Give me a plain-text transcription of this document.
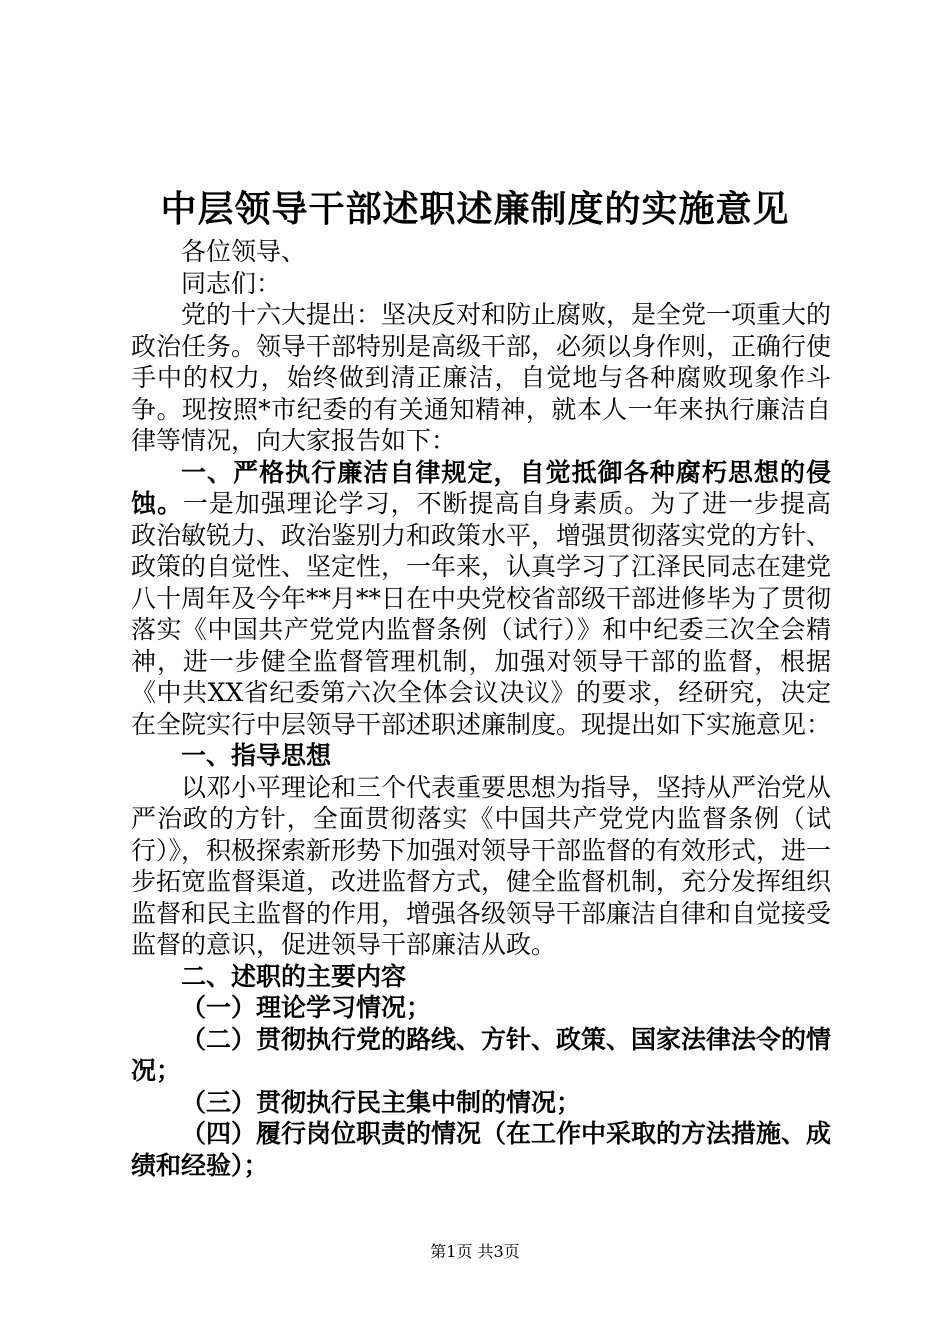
中层领导干部述职述廉制度的实施意见

各位领导、

同志们：

党的十六大提出：坚决反对和防止腐败，是全党一项重大的政治任务。领导干部特别是高级干部，必须以身作则，正确行使手中的权力，始终做到清正廉洁，自觉地与各种腐败现象作斗争。现按照*市纪委的有关通知精神，就本人一年来执行廉洁自律等情况，向大家报告如下：

一、严格执行廉洁自律规定，自觉抵御各种腐朽思想的侵蚀。一是加强理论学习，不断提高自身素质。为了进一步提高政治敏锐力、政治鉴别力和政策水平，增强贯彻落实党的方针、政策的自觉性、坚定性，一年来，认真学习了江泽民同志在建党八十周年及今年**月**日在中央党校省部级干部进修毕为了贯彻落实《中国共产党党内监督条例（试行）》和中纪委三次全会精神，进一步健全监督管理机制，加强对领导干部的监督，根据《中共XX省纪委第六次全体会议决议》的要求，经研究，决定在全院实行中层领导干部述职述廉制度。现提出如下实施意见：

一、指导思想

以邓小平理论和三个代表重要思想为指导，坚持从严治党从严治政的方针，全面贯彻落实《中国共产党党内监督条例（试行）》，积极探索新形势下加强对领导干部监督的有效形式，进一步拓宽监督渠道，改进监督方式，健全监督机制，充分发挥组织监督和民主监督的作用，增强各级领导干部廉洁自律和自觉接受监督的意识，促进领导干部廉洁从政。

二、述职的主要内容

（一）理论学习情况；

（二）贯彻执行党的路线、方针、政策、国家法律法令的情况；

（三）贯彻执行民主集中制的情况；

（四）履行岗位职责的情况（在工作中采取的方法措施、成绩和经验）；

第1页 共3页
